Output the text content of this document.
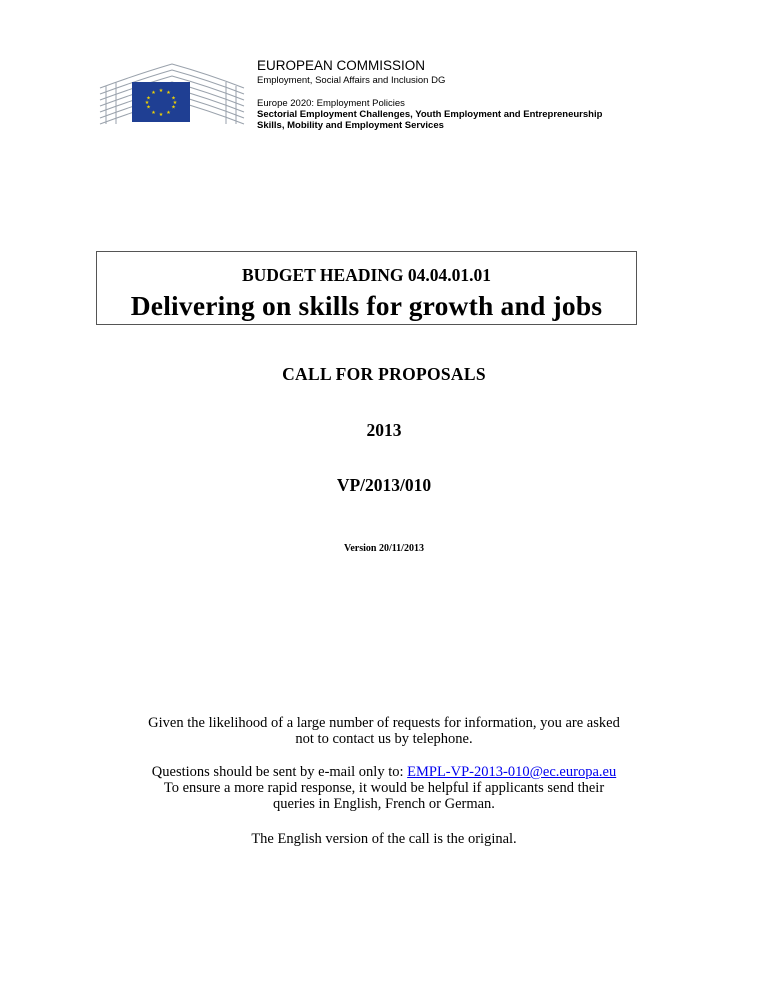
★ ★
★
★
★
★
★
★
★
★
★
★
EUROPEAN COMMISSION
Employment, Social Affairs and Inclusion DG
Europe 2020: Employment Policies
Sectorial Employment Challenges, Youth Employment and Entrepreneurship
Skills, Mobility and Employment Services
BUDGET HEADING 04.04.01.01
Delivering on skills for growth and jobs
CALL FOR PROPOSALS
2013
VP/2013/010
Version 20/11/2013
Given the likelihood of a large number of requests for information, you are asked
not to contact us by telephone.
Questions should be sent by e-mail only to: EMPL-VP-2013-010@ec.europa.eu
To ensure a more rapid response, it would be helpful if applicants send their
queries in English, French or German.
The English version of the call is the original.
